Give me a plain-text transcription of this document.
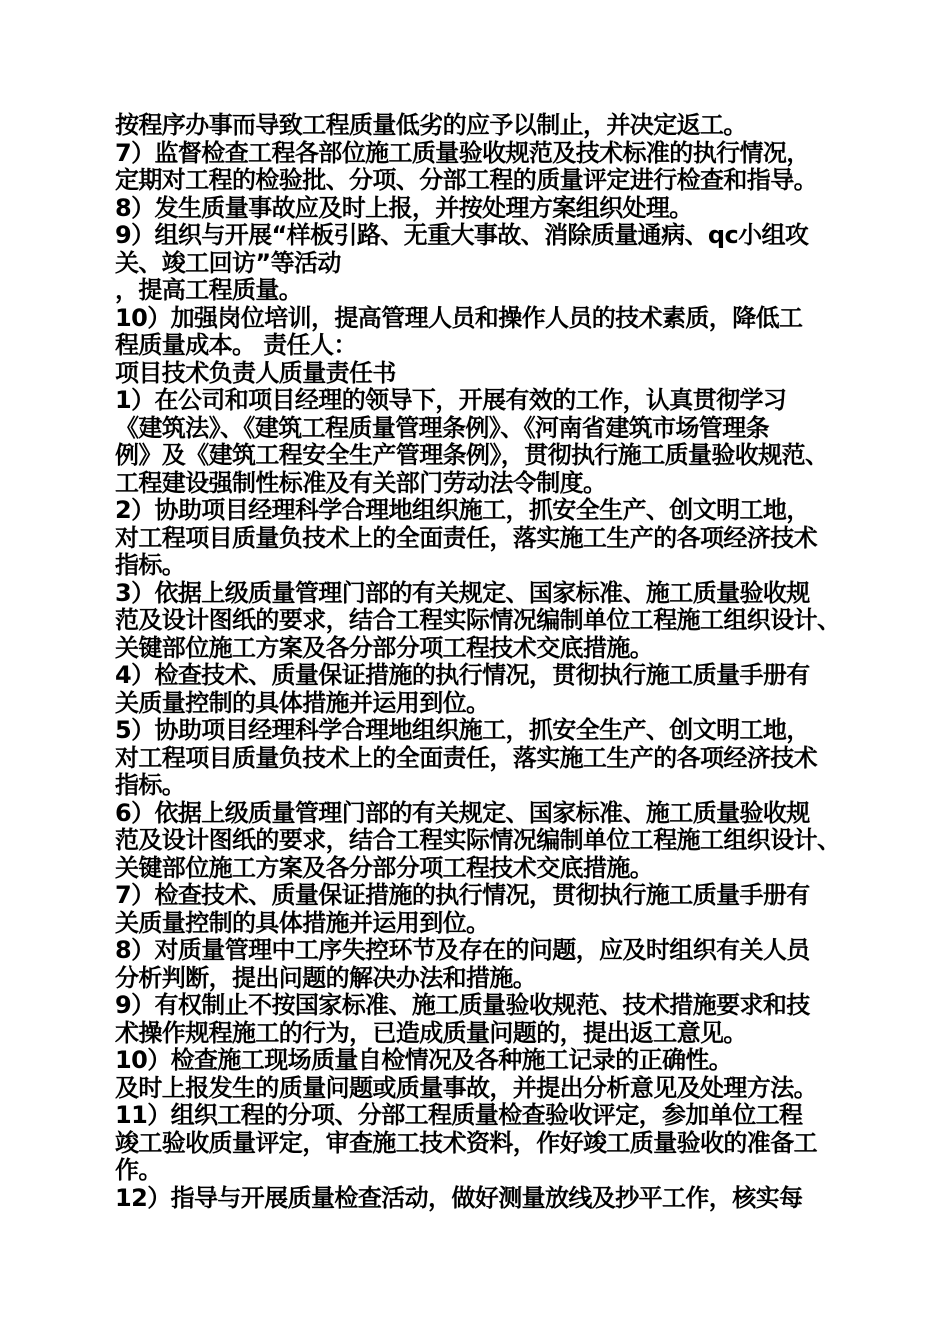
按程序办事而导致工程质量低劣的应予以制止，并决定返工。
7）监督检查工程各部位施工质量验收规范及技术标准的执行情况，
定期对工程的检验批、分项、分部工程的质量评定进行检查和指导。
8）发生质量事故应及时上报，并按处理方案组织处理。
9）组织与开展“样板引路、无重大事故、消除质量通病、qc小组攻
关、竣工回访”等活动
，提高工程质量。
10）加强岗位培训，提高管理人员和操作人员的技术素质，降低工
程质量成本。 责任人：
项目技术负责人质量责任书
1）在公司和项目经理的领导下，开展有效的工作，认真贯彻学习
《建筑法》、《建筑工程质量管理条例》、《河南省建筑市场管理条
例》及《建筑工程安全生产管理条例》，贯彻执行施工质量验收规范、
工程建设强制性标准及有关部门劳动法令制度。
2）协助项目经理科学合理地组织施工，抓安全生产、创文明工地，
对工程项目质量负技术上的全面责任，落实施工生产的各项经济技术
指标。
3）依据上级质量管理门部的有关规定、国家标准、施工质量验收规
范及设计图纸的要求，结合工程实际情况编制单位工程施工组织设计、
关键部位施工方案及各分部分项工程技术交底措施。
4）检查技术、质量保证措施的执行情况，贯彻执行施工质量手册有
关质量控制的具体措施并运用到位。
5）协助项目经理科学合理地组织施工，抓安全生产、创文明工地，
对工程项目质量负技术上的全面责任，落实施工生产的各项经济技术
指标。
6）依据上级质量管理门部的有关规定、国家标准、施工质量验收规
范及设计图纸的要求，结合工程实际情况编制单位工程施工组织设计、
关键部位施工方案及各分部分项工程技术交底措施。
7）检查技术、质量保证措施的执行情况，贯彻执行施工质量手册有
关质量控制的具体措施并运用到位。
8）对质量管理中工序失控环节及存在的问题，应及时组织有关人员
分析判断，提出问题的解决办法和措施。
9）有权制止不按国家标准、施工质量验收规范、技术措施要求和技
术操作规程施工的行为，已造成质量问题的，提出返工意见。
10）检查施工现场质量自检情况及各种施工记录的正确性。
及时上报发生的质量问题或质量事故，并提出分析意见及处理方法。
11）组织工程的分项、分部工程质量检查验收评定，参加单位工程
竣工验收质量评定，审查施工技术资料，作好竣工质量验收的准备工
作。
12）指导与开展质量检查活动，做好测量放线及抄平工作，核实每
